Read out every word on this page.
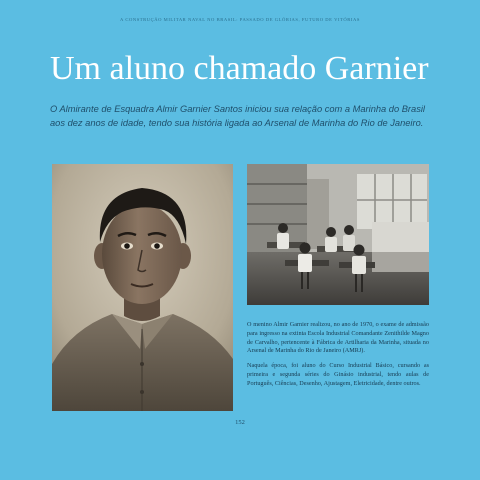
A CONSTRUÇÃO MILITAR NAVAL NO BRASIL: PASSADO DE GLÓRIAS, FUTURO DE VITÓRIAS
Um aluno chamado Garnier

O Almirante de Esquadra Almir Garnier Santos iniciou sua relação com a Marinha do Brasil aos dez anos de idade, tendo sua história ligada ao Arsenal de Marinha do Rio de Janeiro.

O menino Almir Garnier realizou, no ano de 1970, o exame de admissão para ingresso na extinta Escola Industrial Comandante Zenithilde Magno de Carvalho, pertencente à Fábrica de Artilharia da Marinha, situada no Arsenal de Marinha do Rio de Janeiro (AMRJ).

Naquela época, foi aluno do Curso Industrial Básico, cursando as primeira e segunda séries do Ginásio industrial, tendo aulas de Português, Ciências, Desenho, Ajustagem, Eletricidade, dentre outros.

152
